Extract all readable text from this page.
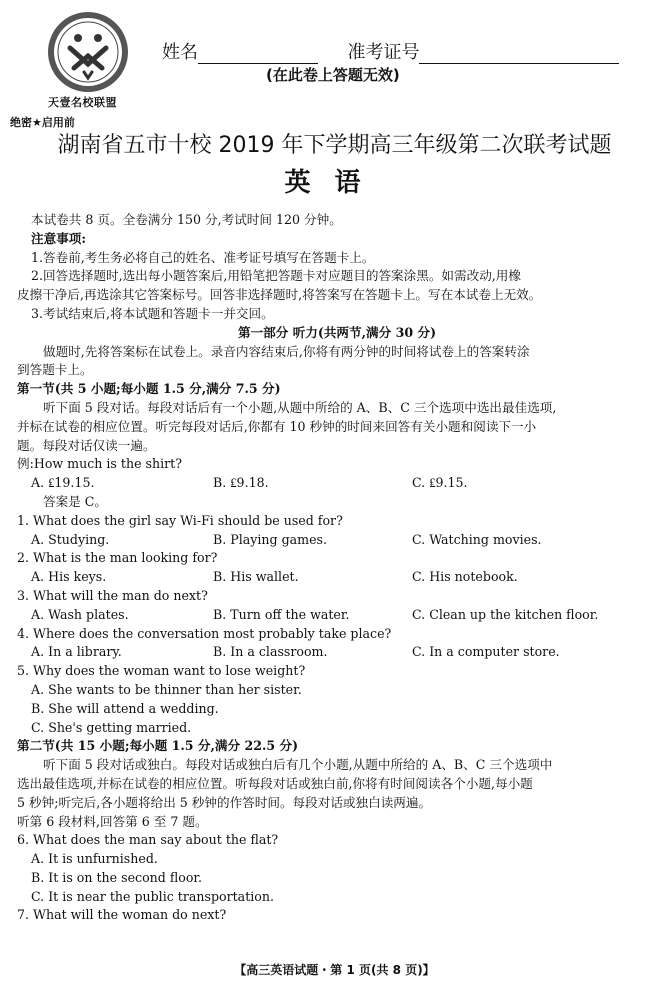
天壹名校联盟
姓名	准考证号
(在此卷上答题无效)
绝密★启用前
湖南省五市十校 2019 年下学期高三年级第二次联考试题
英语
本试卷共 8 页。全卷满分 150 分,考试时间 120 分钟。
注意事项:
1.答卷前,考生务必将自己的姓名、准考证号填写在答题卡上。
2.回答选择题时,选出每小题答案后,用铅笔把答题卡对应题目的答案涂黑。如需改动,用橡
皮擦干净后,再选涂其它答案标号。回答非选择题时,将答案写在答题卡上。写在本试卷上无效。
3.考试结束后,将本试题和答题卡一并交回。
第一部分 听力(共两节,满分 30 分)
做题时,先将答案标在试卷上。录音内容结束后,你将有两分钟的时间将试卷上的答案转涂
到答题卡上。
第一节(共 5 小题;每小题 1.5 分,满分 7.5 分)
听下面 5 段对话。每段对话后有一个小题,从题中所给的 A、B、C 三个选项中选出最佳选项,
并标在试卷的相应位置。听完每段对话后,你都有 10 秒钟的时间来回答有关小题和阅读下一小
题。每段对话仅读一遍。
例:How much is the shirt?
A. ₤19.15.	B. ₤9.18.	C. ₤9.15.
答案是 C。
1. What does the girl say Wi-Fi should be used for?
A. Studying.	B. Playing games.	C. Watching movies.
2. What is the man looking for?
A. His keys.	B. His wallet.	C. His notebook.
3. What will the man do next?
A. Wash plates.	B. Turn off the water.	C. Clean up the kitchen floor.
4. Where does the conversation most probably take place?
A. In a library.	B. In a classroom.	C. In a computer store.
5. Why does the woman want to lose weight?
A. She wants to be thinner than her sister.
B. She will attend a wedding.
C. She's getting married.
第二节(共 15 小题;每小题 1.5 分,满分 22.5 分)
听下面 5 段对话或独白。每段对话或独白后有几个小题,从题中所给的 A、B、C 三个选项中
选出最佳选项,并标在试卷的相应位置。听每段对话或独白前,你将有时间阅读各个小题,每小题
5 秒钟;听完后,各小题将给出 5 秒钟的作答时间。每段对话或独白读两遍。
听第 6 段材料,回答第 6 至 7 题。
6. What does the man say about the flat?
A. It is unfurnished.
B. It is on the second floor.
C. It is near the public transportation.
7. What will the woman do next?
【高三英语试题・第 1 页(共 8 页)】
